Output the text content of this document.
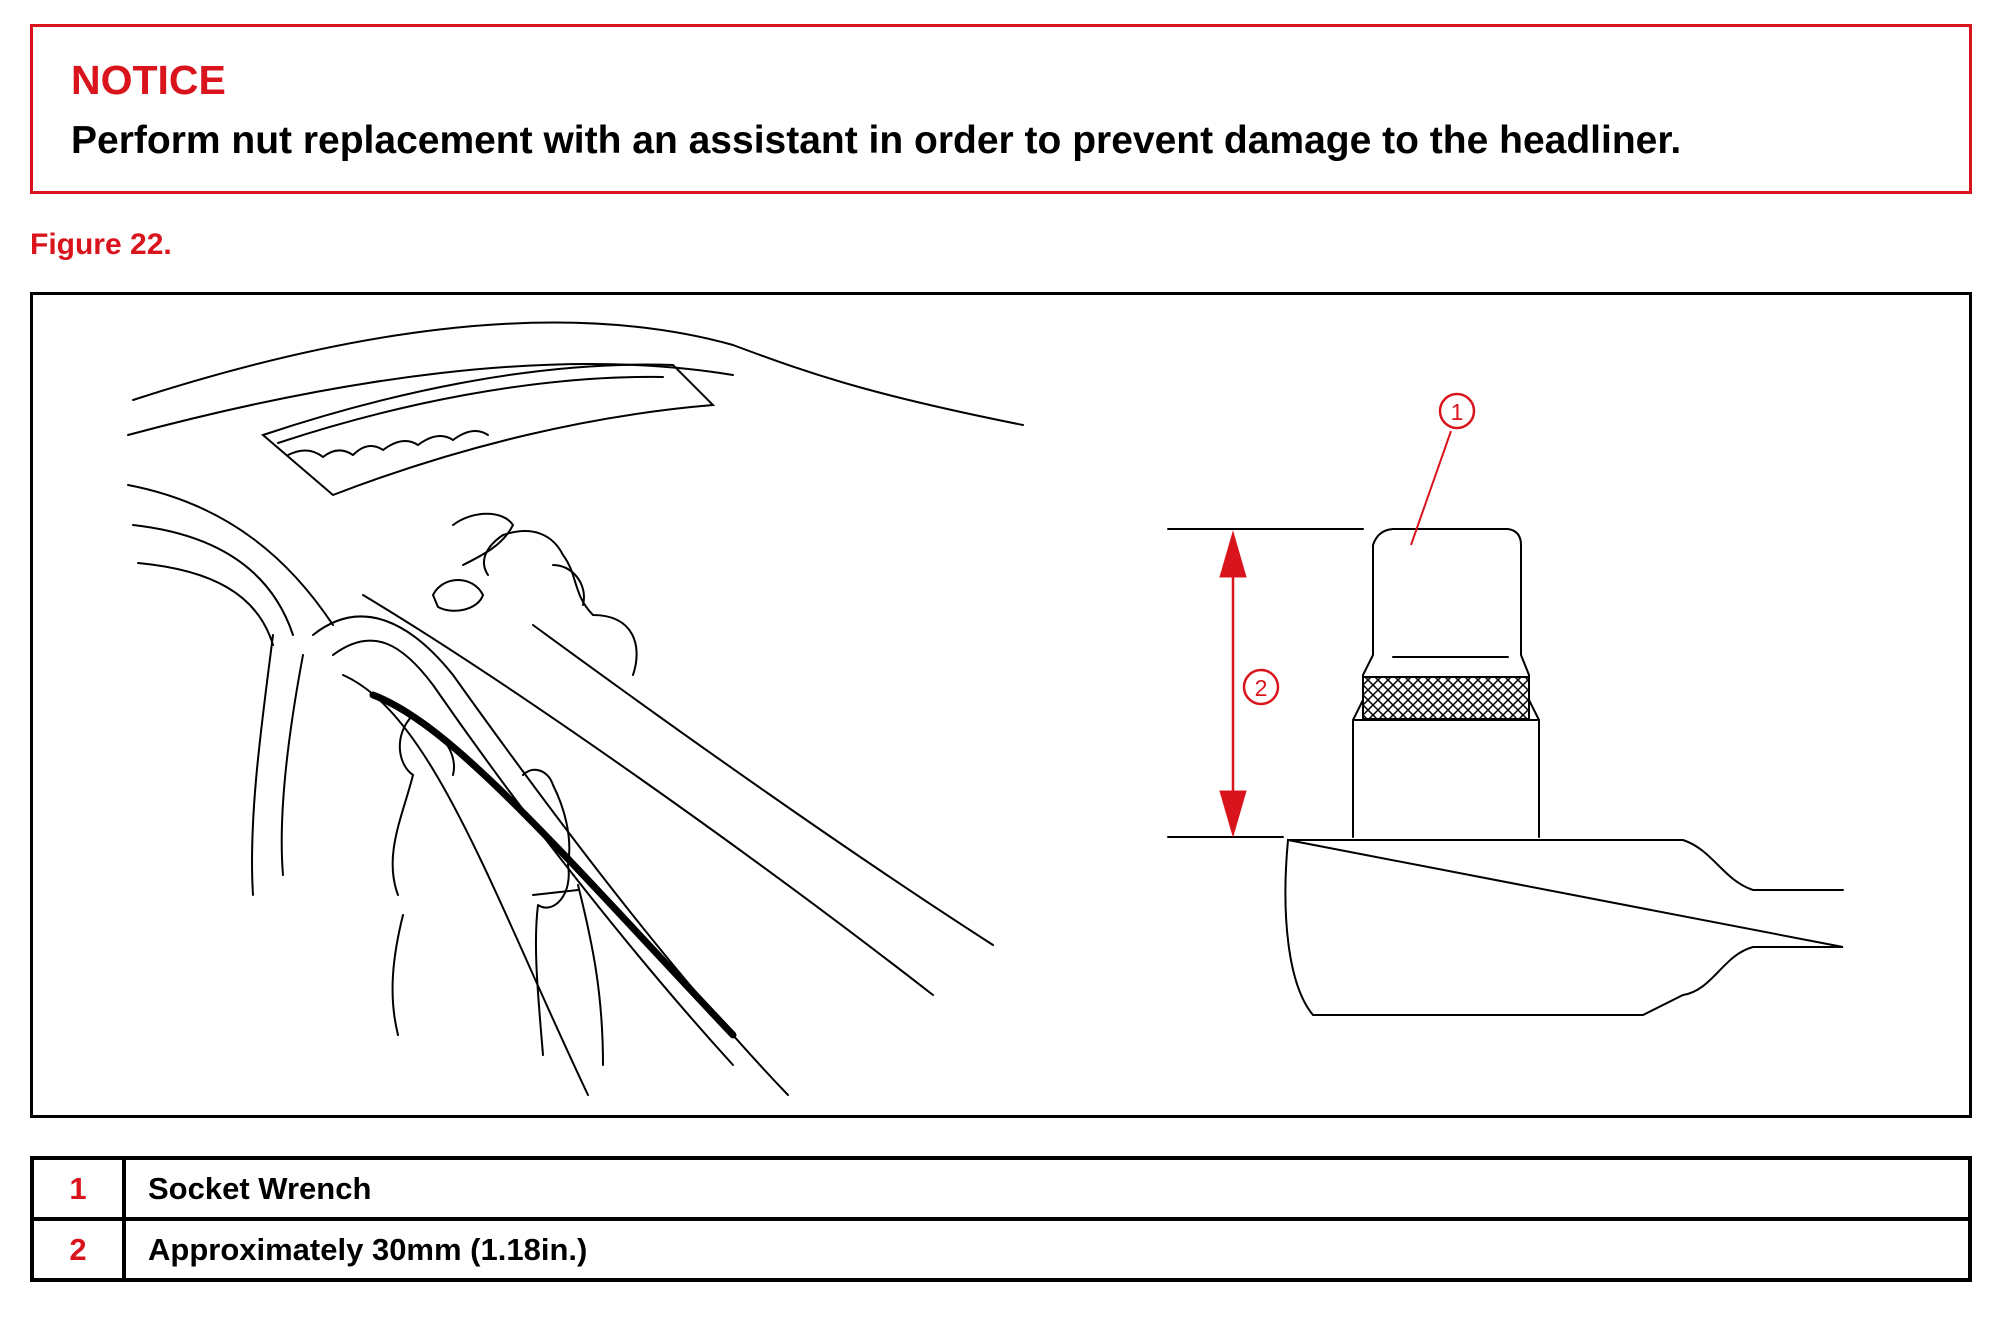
NOTICE
Perform nut replacement with an assistant in order to prevent damage to the headliner.
Figure 22.
1
2
1	Socket Wrench
2	Approximately 30mm (1.18in.)
